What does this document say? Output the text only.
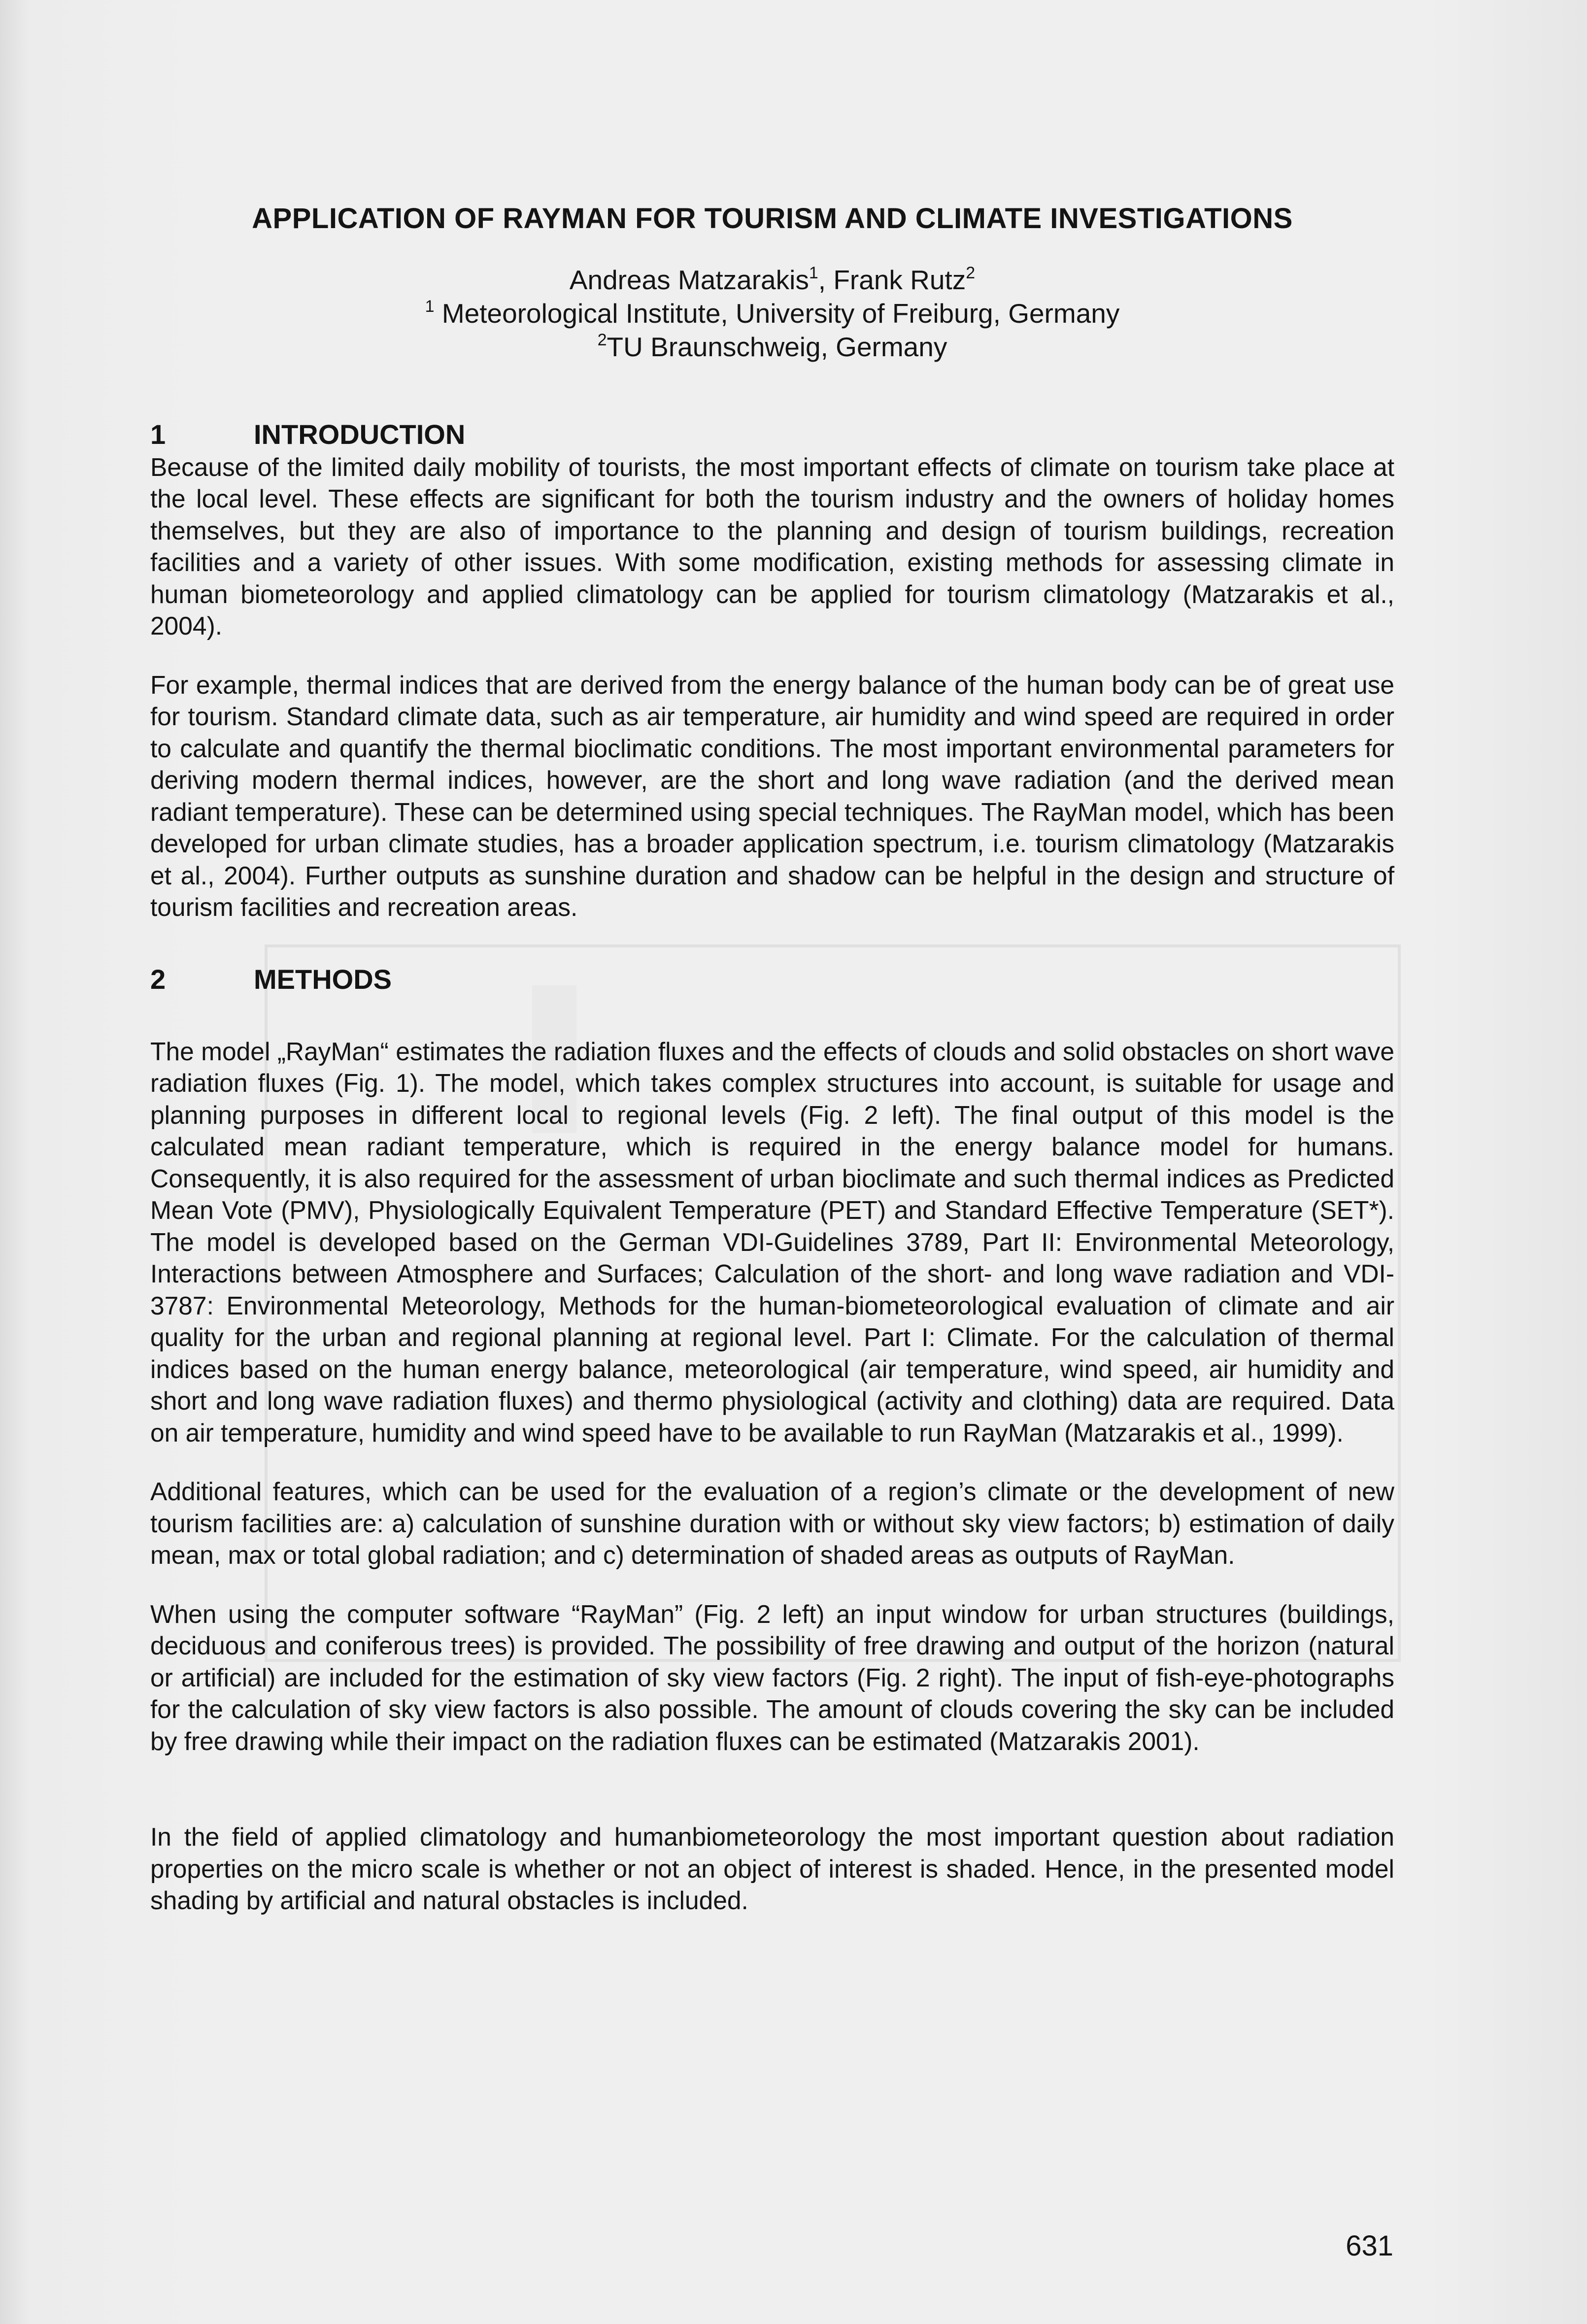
APPLICATION OF RAYMAN FOR TOURISM AND CLIMATE INVESTIGATIONS

Andreas Matzarakis$^1$, Frank Rutz$^2$

$^1$ Meteorological Institute, University of Freiburg, Germany

$^2$TU Braunschweig, Germany

1	INTRODUCTION

Because of the limited daily mobility of tourists, the most important effects of climate on tourism take place at the local level. These effects are significant for both the tourism industry and the owners of holiday homes themselves, but they are also of importance to the planning and design of tourism buildings, recreation facilities and a variety of other issues. With some modification, existing methods for assessing climate in human biometeorology and applied climatology can be applied for tourism climatology (Matzarakis et al., 2004).

For example, thermal indices that are derived from the energy balance of the human body can be of great use for tourism. Standard climate data, such as air temperature, air humidity and wind speed are required in order to calculate and quantify the thermal bioclimatic conditions. The most important environmental parameters for deriving modern thermal indices, however, are the short and long wave radiation (and the derived mean radiant temperature). These can be determined using special techniques. The RayMan model, which has been developed for urban climate studies, has a broader application spectrum, i.e. tourism climatology (Matzarakis et al., 2004). Further outputs as sunshine duration and shadow can be helpful in the design and structure of tourism facilities and recreation areas.

2	METHODS

The model „RayMan“ estimates the radiation fluxes and the effects of clouds and solid obstacles on short wave radiation fluxes (Fig. 1). The model, which takes complex structures into account, is suitable for usage and planning purposes in different local to regional levels (Fig. 2 left). The final output of this model is the calculated mean radiant temperature, which is required in the energy balance model for humans. Consequently, it is also required for the assessment of urban bioclimate and such thermal indices as Predicted Mean Vote (PMV), Physiologically Equivalent Temperature (PET) and Standard Effective Temperature (SET*). The model is developed based on the German VDI-Guidelines 3789, Part II: Environmental Meteorology, Interactions between Atmosphere and Surfaces; Calculation of the short- and long wave radiation and VDI-3787: Environmental Meteorology, Methods for the human-biometeorological evaluation of climate and air quality for the urban and regional planning at regional level. Part I: Climate. For the calculation of thermal indices based on the human energy balance, meteorological (air temperature, wind speed, air humidity and short and long wave radiation fluxes) and thermo physiological (activity and clothing) data are required. Data on air temperature, humidity and wind speed have to be available to run RayMan (Matzarakis et al., 1999).

Additional features, which can be used for the evaluation of a region’s climate or the development of new tourism facilities are: a) calculation of sunshine duration with or without sky view factors; b) estimation of daily mean, max or total global radiation; and c) determination of shaded areas as outputs of RayMan.

When using the computer software “RayMan” (Fig. 2 left) an input window for urban structures (buildings, deciduous and coniferous trees) is provided. The possibility of free drawing and output of the horizon (natural or artificial) are included for the estimation of sky view factors (Fig. 2 right). The input of fish-eye-photographs for the calculation of sky view factors is also possible. The amount of clouds covering the sky can be included by free drawing while their impact on the radiation fluxes can be estimated (Matzarakis 2001).

In the field of applied climatology and humanbiometeorology the most important question about radiation properties on the micro scale is whether or not an object of interest is shaded. Hence, in the presented model shading by artificial and natural obstacles is included.

631
